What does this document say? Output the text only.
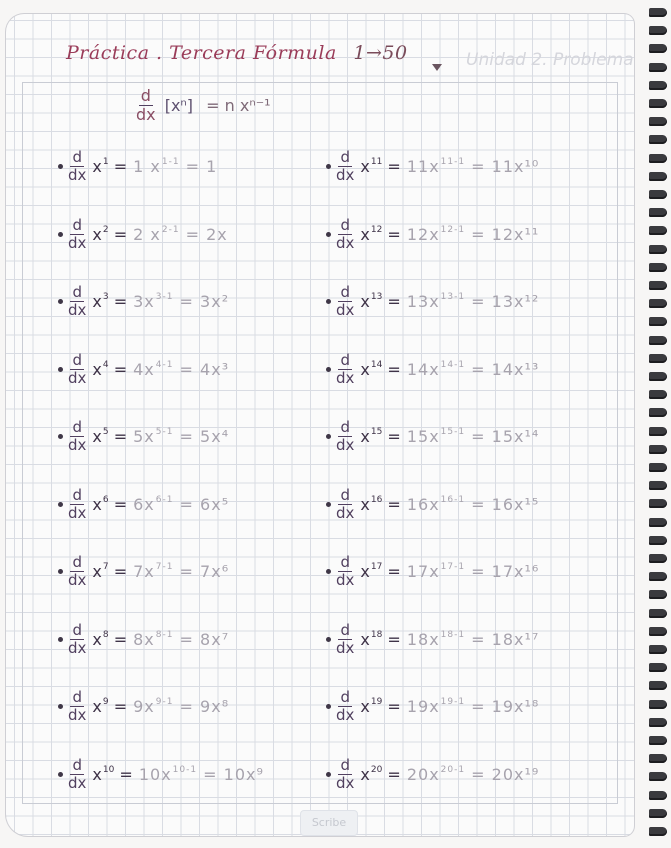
Práctica . Tercera Fórmula 1→50	Unidad 2. Problema
$\frac{d}{dx} [x^n] = n$ xⁿ⁻¹
$\frac{d}{dx} x^1 = 1$ $x^{1-1} = 1$
$\frac{d}{dx} x^2 = 2$ $x^{2-1} = 2x$
$\frac{d}{dx} x^3 = 3x^{3-1} = 3x^2$
$\frac{d}{dx} x^4 = 4x^{4-1} = 4x^3$
$\frac{d}{dx} x^5 = 5x^{5-1} = 5x^4$
$\frac{d}{dx} x^6 = 6x^{6-1} = 6x^5$
$\frac{d}{dx} x^7 = 7x^{7-1} = 7x^6$
$\frac{d}{dx} x^8 = 8x^{8-1} = 8x^7$
$\frac{d}{dx} x^9 = 9x^{9-1} = 9x^8$
$\frac{d}{dx} x^{10} = 10x^{10-1} = 10x^9$
$\frac{d}{dx} x^{11} = 11x^{11-1} = 11x^{10}$
$\frac{d}{dx} x^{12} = 12x^{12-1} = 12x^{11}$
$\frac{d}{dx} x^{13} = 13x^{13-1} = 13x^{12}$
$\frac{d}{dx} x^{14} = 14x^{14-1} = 14x^{13}$
$\frac{d}{dx} x^{15} = 15x^{15-1} = 15x^{14}$
$\frac{d}{dx} x^{16} = 16x^{16-1} = 16x^{15}$
$\frac{d}{dx} x^{17} = 17x^{17-1} = 17x^{16}$
$\frac{d}{dx} x^{18} = 18x^{18-1} = 18x^{17}$
$\frac{d}{dx} x^{19} = 19x^{19-1} = 19x^{18}$
$\frac{d}{dx} x^{20} = 20x^{20-1} = 20x^{19}$
Scribe
